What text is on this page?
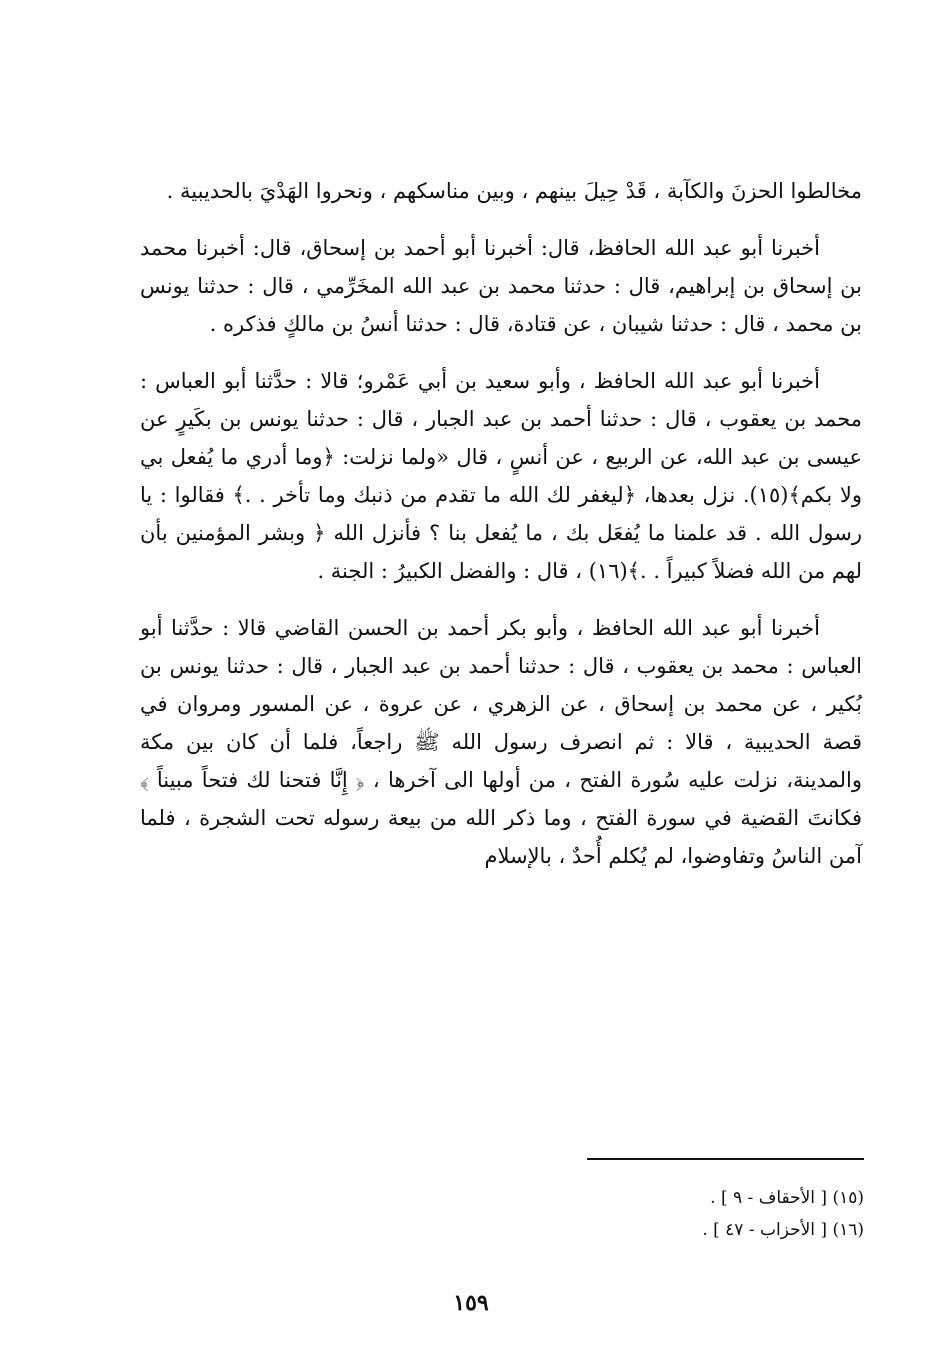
مخالطوا الحزنَ والكآبة ، قَدْ حِيلَ بينهم ، وبين مناسكهم ، ونحروا الهَدْيَ بالحديبية .

أخبرنا أبو عبد الله الحافظ، قال: أخبرنا أبو أحمد بن إسحاق، قال: أخبرنا محمد بن إسحاق بن إبراهيم، قال : حدثنا محمد بن عبد الله المخَرِّمي ، قال : حدثنا يونس بن محمد ، قال : حدثنا شيبان ، عن قتادة، قال : حدثنا أنسُ بن مالكٍ فذكره .

أخبرنا أبو عبد الله الحافظ ، وأبو سعيد بن أبي عَمْرو؛ قالا : حدَّثنا أبو العباس : محمد بن يعقوب ، قال : حدثنا أحمد بن عبد الجبار ، قال : حدثنا يونس بن بكَيرٍ عن عيسى بن عبد الله، عن الربيع ، عن أنسٍ ، قال «ولما نزلت: ﴿وما أدري ما يُفعل بي ولا بكم﴾(١٥). نزل بعدها، ﴿ليغفر لك الله ما تقدم من ذنبك وما تأخر . .﴾ فقالوا : يا رسول الله . قد علمنا ما يُفعَل بك ، ما يُفعل بنا ؟ فأنزل الله ﴿ وبشر المؤمنين بأن لهم من الله فضلاً كبيراً . .﴾(١٦) ، قال : والفضل الكبيرُ : الجنة .

أخبرنا أبو عبد الله الحافظ ، وأبو بكر أحمد بن الحسن القاضي قالا : حدَّثنا أبو العباس : محمد بن يعقوب ، قال : حدثنا أحمد بن عبد الجبار ، قال : حدثنا يونس بن بُكير ، عن محمد بن إسحاق ، عن الزهري ، عن عروة ، عن المسور ومروان في قصة الحديبية ، قالا : ثم انصرف رسول الله ﷺ راجعاً، فلما أن كان بين مكة والمدينة، نزلت عليه سُورة الفتح ، من أولها الى آخرها ، ﴿ إِنَّا فتحنا لك فتحاً مبيناً ﴾ فكانتَ القضية في سورة الفتح ، وما ذكر الله من بيعة رسوله تحت الشجرة ، فلما آمن الناسُ وتفاوضوا، لم يُكلم أُحدٌ ، بالإسلام

(١٥) [ الأحقاف - ٩ ] .

(١٦) [ الأحزاب - ٤٧ ] .

١٥٩
